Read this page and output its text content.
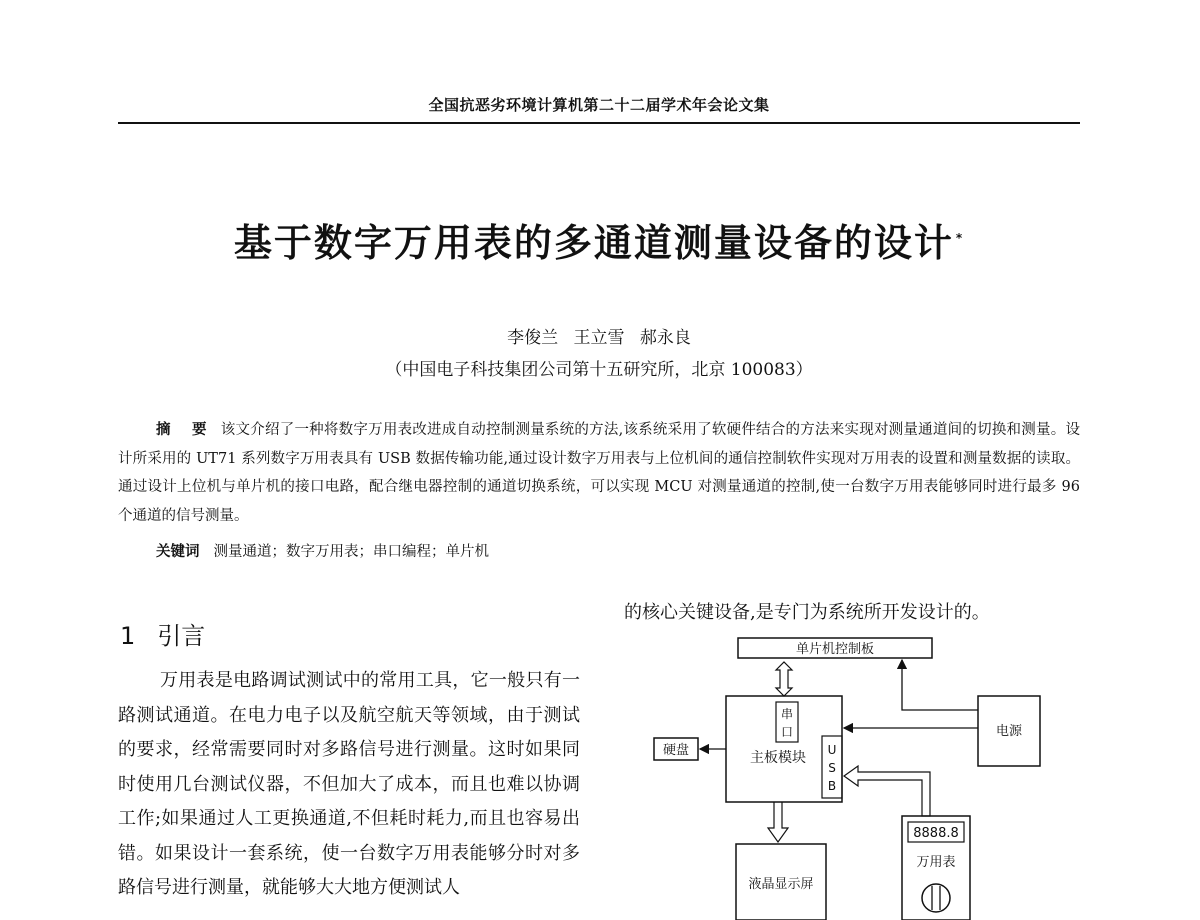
全国抗恶劣环境计算机第二十二届学术年会论文集
基于数字万用表的多通道测量设备的设计 *
李俊兰 王立雪 郝永良
（中国电子科技集团公司第十五研究所，北京 100083）
摘 要 该文介绍了一种将数字万用表改进成自动控制测量系统的方法,该系统采用了软硬件结合的方法来实现对测量通道间的切换和测量。设计所采用的 UT71 系列数字万用表具有 USB 数据传输功能,通过设计数字万用表与上位机间的通信控制软件实现对万用表的设置和测量数据的读取。通过设计上位机与单片机的接口电路，配合继电器控制的通道切换系统，可以实现 MCU 对测量通道的控制,使一台数字万用表能够同时进行最多 96 个通道的信号测量。
关键词 测量通道；数字万用表；串口编程；单片机
1 引言
万用表是电路调试测试中的常用工具，它一般只有一路测试通道。在电力电子以及航空航天等领域，由于测试的要求，经常需要同时对多路信号进行测量。这时如果同时使用几台测试仪器，不但加大了成本，而且也难以协调工作;如果通过人工更换通道,不但耗时耗力,而且也容易出错。如果设计一套系统，使一台数字万用表能够分时对多路信号进行测量，就能够大大地方便测试人
的核心关键设备,是专门为系统所开发设计的。
单片机控制板
串
口
主板模块 U
S
B
硬盘
电源
液晶显示屏
8888.8
万用表
